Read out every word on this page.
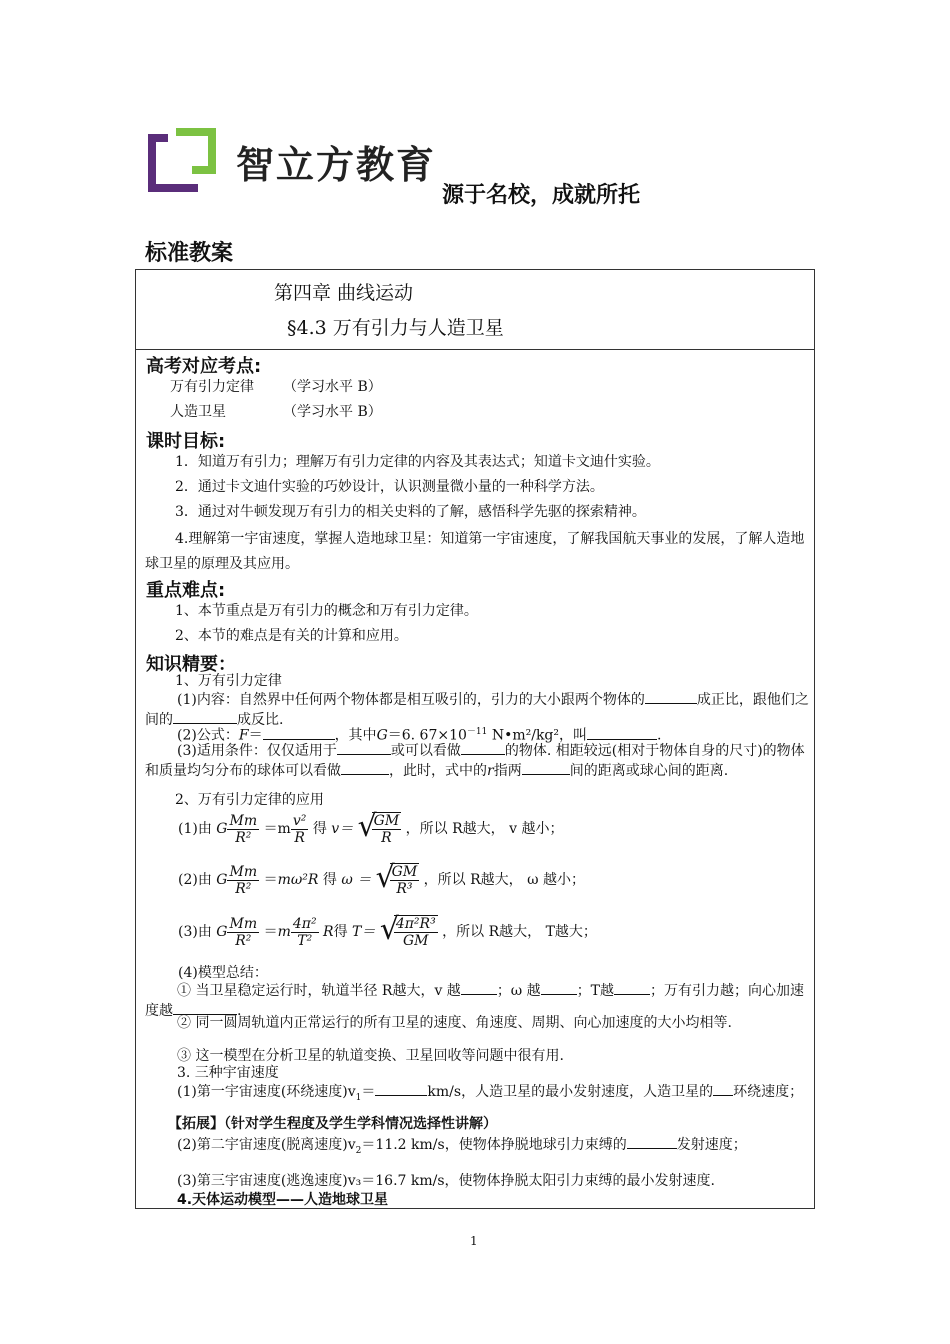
智立方教育
源于名校，成就所托
标准教案
第四章 曲线运动
§4.3 万有引力与人造卫星
高考对应考点:
万有引力定律 （学习水平 B）
人造卫星	（学习水平 B）
课时目标:
1．知道万有引力；理解万有引力定律的内容及其表达式；知道卡文迪什实验。
2．通过卡文迪什实验的巧妙设计，认识测量微小量的一种科学方法。
3．通过对牛顿发现万有引力的相关史料的了解，感悟科学先驱的探索精神。
4.理解第一宇宙速度，掌握人造地球卫星：知道第一宇宙速度，了解我国航天事业的发展，了解人造地球卫星的原理及其应用。
重点难点:
1、本节重点是万有引力的概念和万有引力定律。
2、本节的难点是有关的计算和应用。
知识精要：
1、万有引力定律
(1)内容：自然界中任何两个物体都是相互吸引的，引力的大小跟两个物体的	成正比，跟他们之间的	成反比.
(2)公式：F＝	，其中G＝6. $67\times 10^{-11}$ N•m²/kg²，叫	.
(3)适用条件：仅仅适用于	或可以看做	的物体. 相距较远(相对于物体自身的尺寸)的物体和质量均匀分布的球体可以看做	，此时，式中的r指两	间的距离或球心间的距离.
2、万有引力定律的应用
(1)由 G $\frac{Mm}{\text{R²}} =m \frac{\text{v²}}{R}$ 得 v＝ √
$\frac{GM}{R}$ ，所以 R越大， v 越小；
(2)由 G $\frac{Mm}{\text{R²}} =m\omega^2R$ 得 ω ＝ √
$\frac{GM}{\text{R³}}$ ，所以 R越大， ω 越小；
(3)由 G $\frac{Mm}{\text{R²}} =m \frac{\text{4π²}}{\text{T²}}$ R得 T＝ √
$\frac{\text{4π²R³}}{GM}$ ，所以 R越大， T越大；
(4)模型总结：
① 当卫星稳定运行时，轨道半径 R越大，v 越	；ω 越	；T越	；万有引力越；向心加速度越	.
② 同一圆周轨道内正常运行的所有卫星的速度、角速度、周期、向心加速度的大小均相等.
③ 这一模型在分析卫星的轨道变换、卫星回收等问题中很有用.
3. 三种宇宙速度
(1)第一宇宙速度(环绕速度)$v_1=$	km/s，人造卫星的最小发射速度，人造卫星的 环绕速度；
【拓展】（针对学生程度及学生学科情况选择性讲解）
(2)第二宇宙速度(脱离速度)$v_2=11.2$ km/s，使物体挣脱地球引力束缚的	发射速度；
(3)第三宇宙速度(逃逸速度)v₃＝16.7 km/s，使物体挣脱太阳引力束缚的最小发射速度.
4.天体运动模型——人造地球卫星
1
